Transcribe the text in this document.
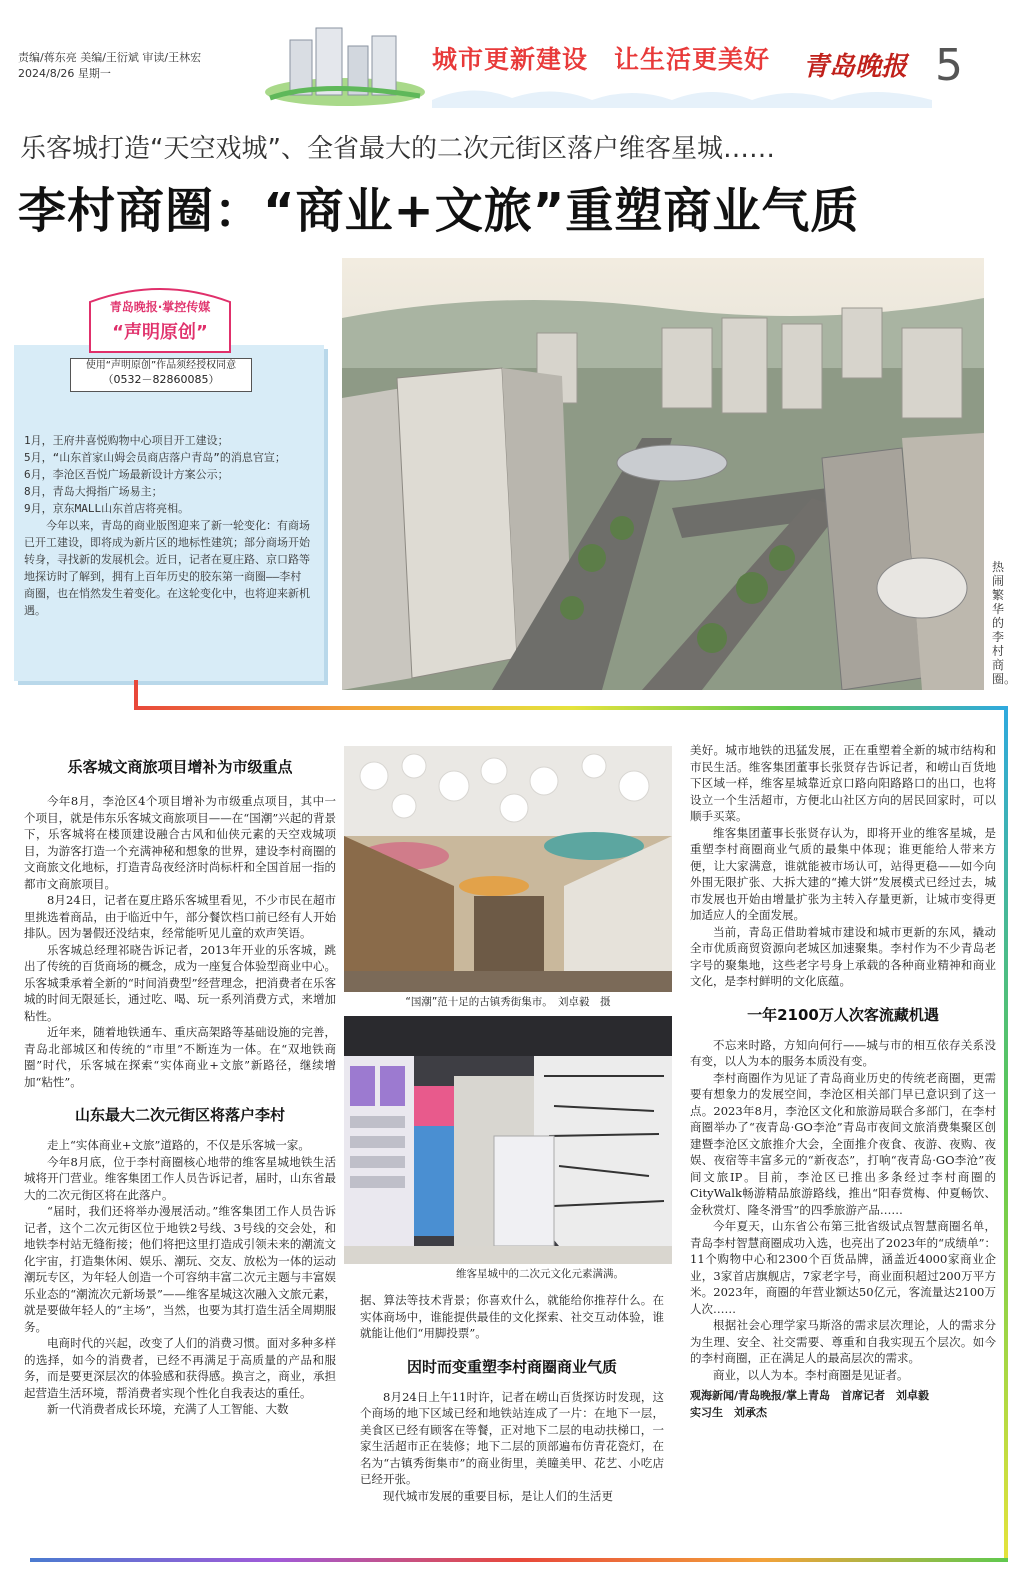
责编/蒋东亮 美编/王衍斌 审读/王林宏
2024/8/26 星期一	城市更新建设　让生活更美好 青岛晚报 5
乐客城打造“天空戏城”、全省最大的二次元街区落户维客星城……
李村商圈：“商业+文旅”重塑商业气质
青岛晚报·掌控传媒
“声明原创”
使用“声明原创”作品须经授权同意
（0532－82860085）

1月，王府井喜悦购物中心项目开工建设；

5月，“山东首家山姆会员商店落户青岛”的消息官宣；

6月，李沧区吾悦广场最新设计方案公示；

8月，青岛大拇指广场易主；

9月，京东MALL山东首店将亮相。

今年以来，青岛的商业版图迎来了新一轮变化：有商场已开工建设，即将成为新片区的地标性建筑；部分商场开始转身，寻找新的发展机会。近日，记者在夏庄路、京口路等地探访时了解到，拥有上百年历史的胶东第一商圈——李村商圈，也在悄然发生着变化。在这轮变化中，也将迎来新机遇。

热闹繁华的李村商圈。
乐客城文商旅项目增补为市级重点

今年8月，李沧区4个项目增补为市级重点项目，其中一个项目，就是伟东乐客城文商旅项目——在“国潮”兴起的背景下，乐客城将在楼顶建设融合古风和仙侠元素的天空戏城项目，为游客打造一个充满神秘和想象的世界，建设李村商圈的文商旅文化地标，打造青岛夜经济时尚标杆和全国首屈一指的都市文商旅项目。

8月24日，记者在夏庄路乐客城里看见，不少市民在超市里挑选着商品，由于临近中午，部分餐饮档口前已经有人开始排队。因为暑假还没结束，经常能听见儿童的欢声笑语。

乐客城总经理祁晓告诉记者，2013年开业的乐客城，跳出了传统的百货商场的概念，成为一座复合体验型商业中心。乐客城秉承着全新的“时间消费型”经营理念，把消费者在乐客城的时间无限延长，通过吃、喝、玩一系列消费方式，来增加粘性。

近年来，随着地铁通车、重庆高架路等基础设施的完善，青岛北部城区和传统的“市里”不断连为一体。在“双地铁商圈”时代，乐客城在探索“实体商业+文旅”新路径，继续增加“粘性”。

山东最大二次元街区将落户李村

走上“实体商业+文旅”道路的，不仅是乐客城一家。

今年8月底，位于李村商圈核心地带的维客星城地铁生活城将开门营业。维客集团工作人员告诉记者，届时，山东省最大的二次元街区将在此落户。

“届时，我们还将举办漫展活动。”维客集团工作人员告诉记者，这个二次元街区位于地铁2号线、3号线的交会处，和地铁李村站无缝衔接；他们将把这里打造成引领未来的潮流文化宇宙，打造集休闲、娱乐、潮玩、交友、放松为一体的运动潮玩专区，为年轻人创造一个可容纳丰富二次元主题与丰富娱乐业态的“潮流次元新场景”——维客星城这次融入文旅元素，就是要做年轻人的“主场”，当然，也要为其打造生活全周期服务。

电商时代的兴起，改变了人们的消费习惯。面对多种多样的选择，如今的消费者，已经不再满足于高质量的产品和服务，而是要更深层次的体验感和获得感。换言之，商业，承担起营造生活环境，帮消费者实现个性化自我表达的重任。

新一代消费者成长环境，充满了人工智能、大数

“国潮”范十足的古镇秀街集市。　刘卓毅　摄
维客星城中的二次元文化元素满满。

据、算法等技术背景；你喜欢什么，就能给你推荐什么。在实体商场中，谁能提供最佳的文化探索、社交互动体验，谁就能让他们“用脚投票”。

因时而变重塑李村商圈商业气质

8月24日上午11时许，记者在崂山百货探访时发现，这个商场的地下区域已经和地铁站连成了一片：在地下一层，美食区已经有顾客在等餐，正对地下二层的电动扶梯口，一家生活超市正在装修；地下二层的顶部遍布仿青花瓷灯，在名为“古镇秀街集市”的商业街里，美瞳美甲、花艺、小吃店已经开张。

现代城市发展的重要目标，是让人们的生活更

美好。城市地铁的迅猛发展，正在重塑着全新的城市结构和市民生活。维客集团董事长张贤存告诉记者，和崂山百货地下区域一样，维客星城靠近京口路向阳路路口的出口，也将设立一个生活超市，方便北山社区方向的居民回家时，可以顺手买菜。

维客集团董事长张贤存认为，即将开业的维客星城，是重塑李村商圈商业气质的最集中体现；谁更能给人带来方便，让大家满意，谁就能被市场认可，站得更稳——如今向外围无限扩张、大拆大建的“摊大饼”发展模式已经过去，城市发展也开始由增量扩张为主转入存量更新，让城市变得更加适应人的全面发展。

当前，青岛正借助着城市建设和城市更新的东风，撬动全市优质商贸资源向老城区加速聚集。李村作为不少青岛老字号的聚集地，这些老字号身上承载的各种商业精神和商业文化，是李村鲜明的文化底蕴。

一年2100万人次客流藏机遇

不忘来时路，方知向何行——城与市的相互依存关系没有变，以人为本的服务本质没有变。

李村商圈作为见证了青岛商业历史的传统老商圈，更需要有想象力的发展空间，李沧区相关部门早已意识到了这一点。2023年8月，李沧区文化和旅游局联合多部门，在李村商圈举办了“夜青岛·GO李沧”青岛市夜间文旅消费集聚区创建暨李沧区文旅推介大会，全面推介夜食、夜游、夜购、夜娱、夜宿等丰富多元的“新夜态”，打响“夜青岛·GO李沧”夜间文旅IP。目前，李沧区已推出多条经过李村商圈的CityWalk畅游精品旅游路线，推出“阳春赏梅、仲夏畅饮、金秋赏灯、隆冬滑雪”的四季旅游产品……

今年夏天，山东省公布第三批省级试点智慧商圈名单，青岛李村智慧商圈成功入选，也亮出了2023年的“成绩单”：11个购物中心和2300个百货品牌，涵盖近4000家商业企业，3家首店旗舰店，7家老字号，商业面积超过200万平方米。2023年，商圈的年营业额达50亿元，客流量达2100万人次……

根据社会心理学家马斯洛的需求层次理论，人的需求分为生理、安全、社交需要、尊重和自我实现五个层次。如今的李村商圈，正在满足人的最高层次的需求。

商业，以人为本。李村商圈是见证者。

观海新闻/青岛晚报/掌上青岛　首席记者　刘卓毅
实习生　刘承杰
